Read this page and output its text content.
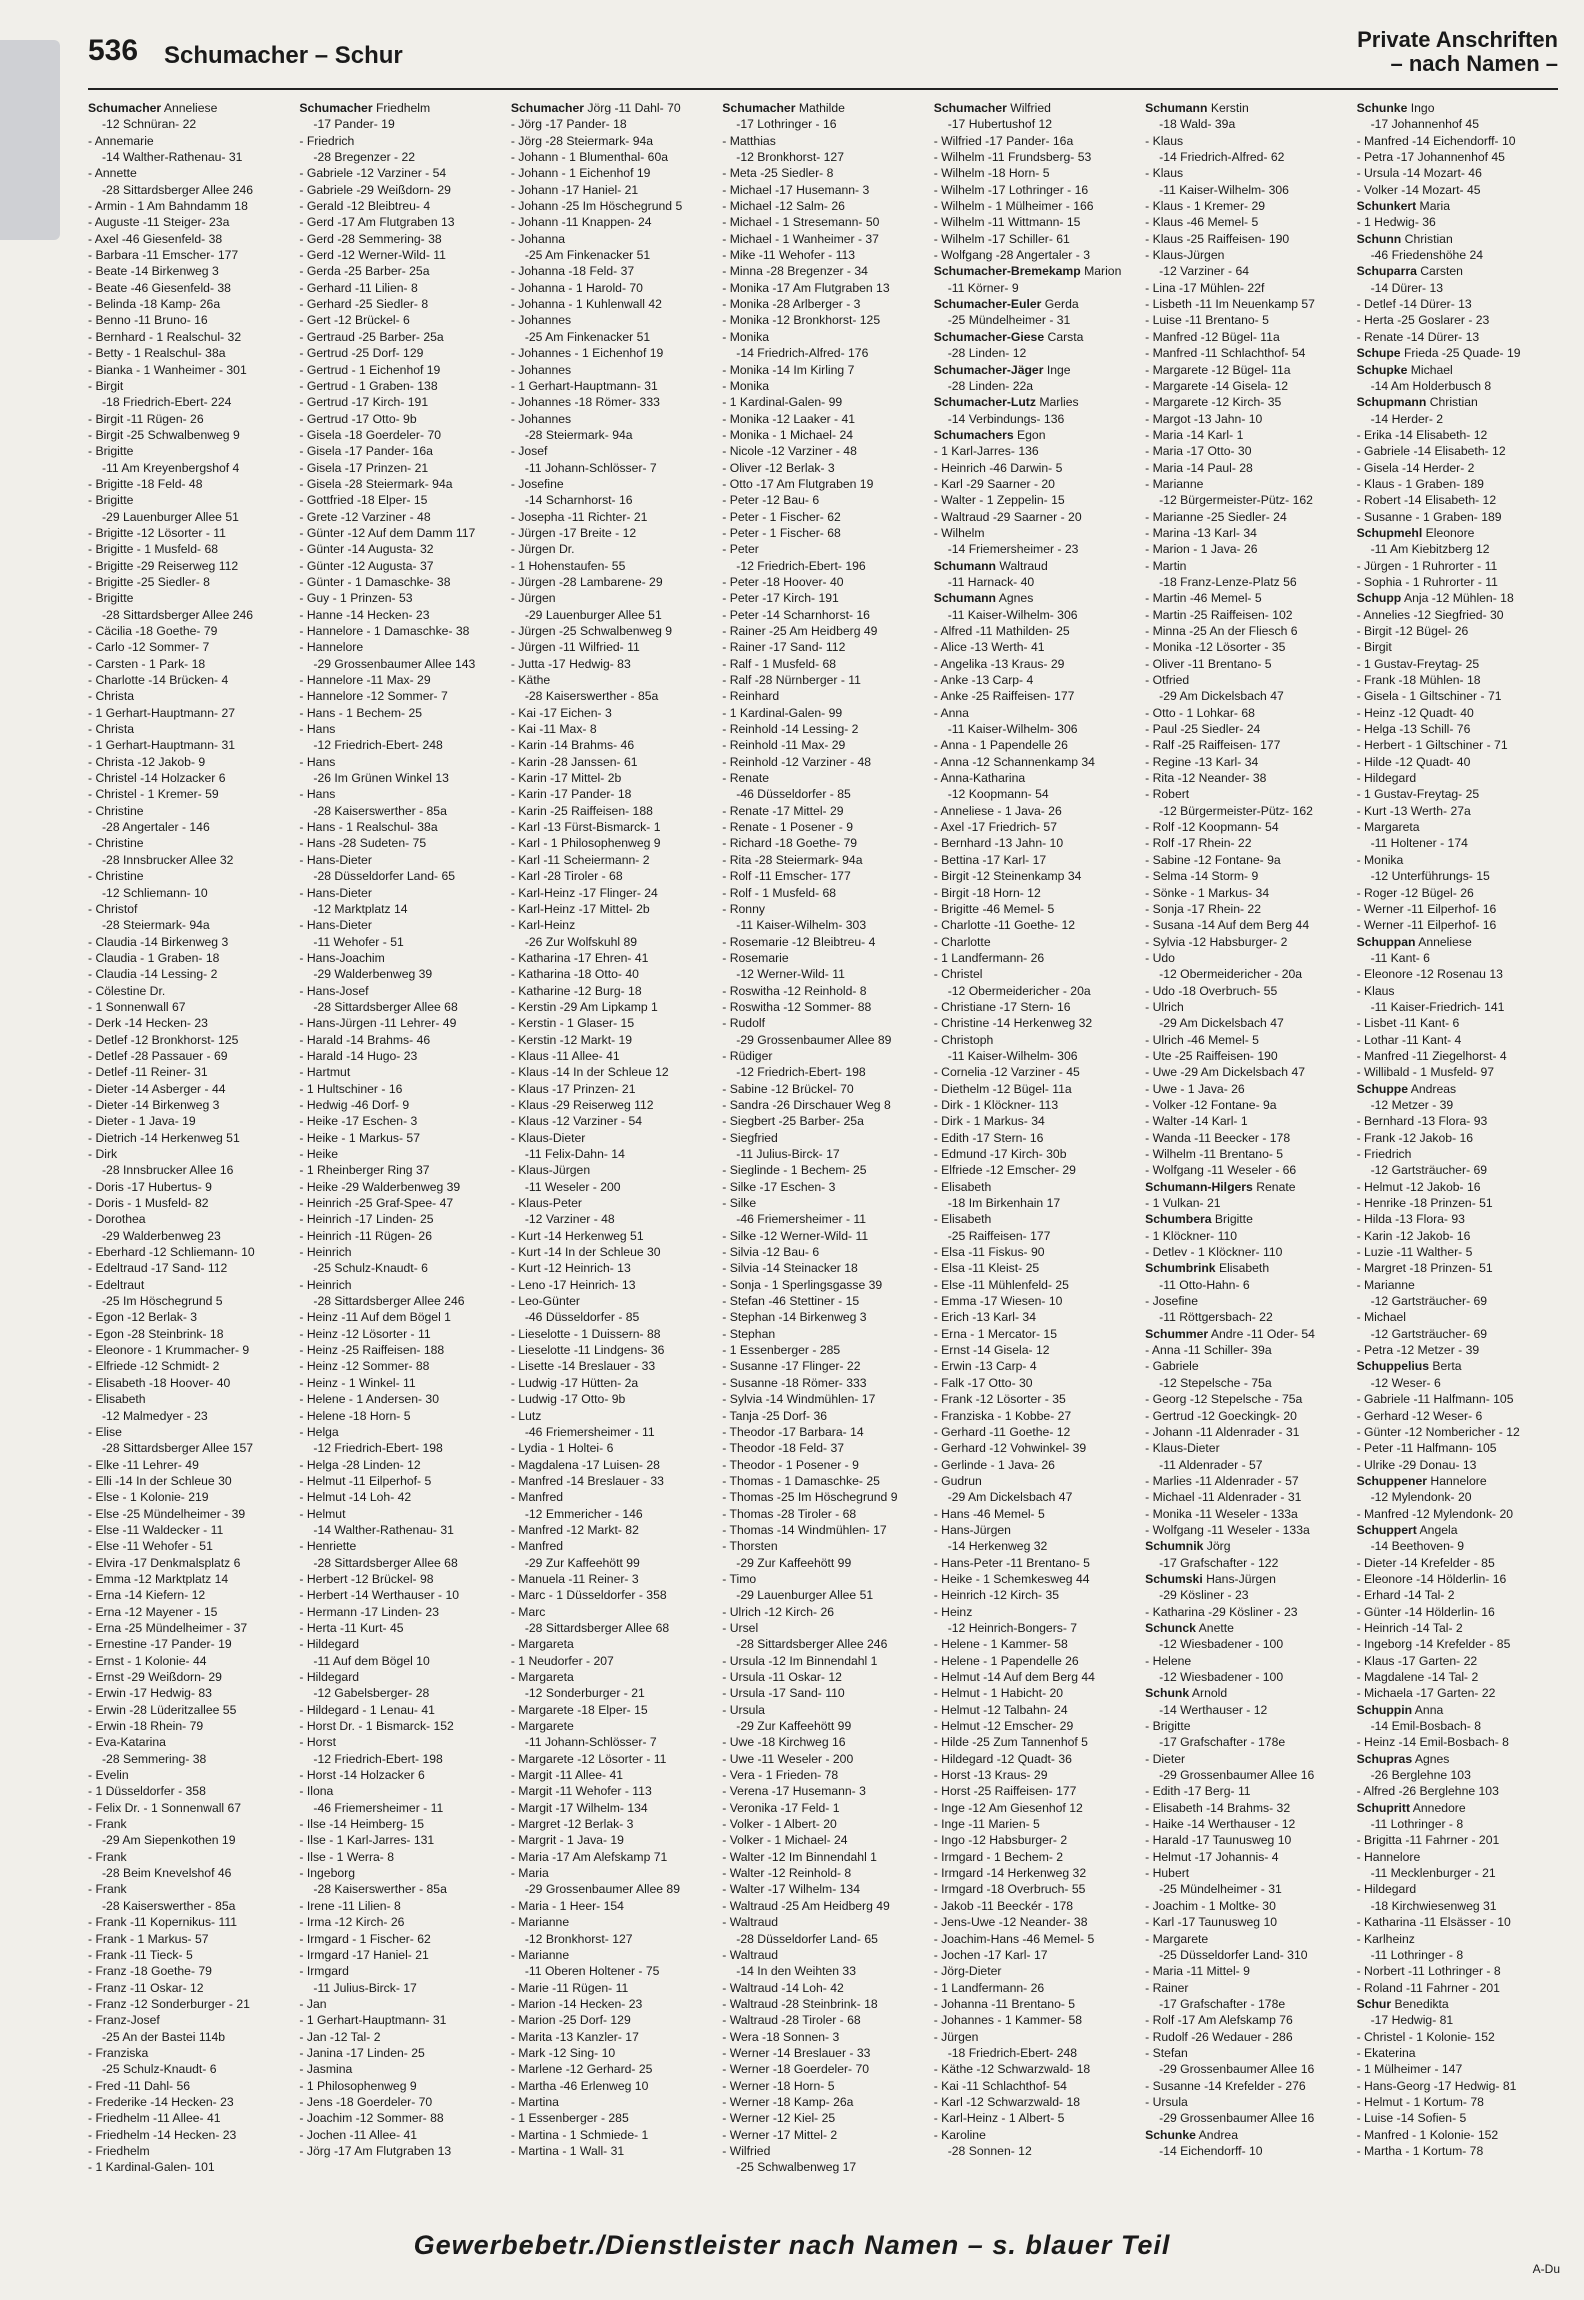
536 Schumacher – Schur
Private Anschriften
– nach Namen –
Schumacher Anneliese
-12 Schnüran- 22
- Annemarie
-14 Walther-Rathenau- 31
- Annette
-28 Sittardsberger Allee 246
- Armin - 1 Am Bahndamm 18
- Auguste -11 Steiger- 23a
- Axel -46 Giesenfeld- 38
- Barbara -11 Emscher- 177
- Beate -14 Birkenweg 3
- Beate -46 Giesenfeld- 38
- Belinda -18 Kamp- 26a
- Benno -11 Bruno- 16
- Bernhard - 1 Realschul- 32
- Betty - 1 Realschul- 38a
- Bianka - 1 Wanheimer - 301
- Birgit
-18 Friedrich-Ebert- 224
- Birgit -11 Rügen- 26
- Birgit -25 Schwalbenweg 9
- Brigitte
-11 Am Kreyenbergshof 4
- Brigitte -18 Feld- 48
- Brigitte
-29 Lauenburger Allee 51
- Brigitte -12 Lösorter - 11
- Brigitte - 1 Musfeld- 68
- Brigitte -29 Reiserweg 112
- Brigitte -25 Siedler- 8
- Brigitte
-28 Sittardsberger Allee 246
- Cäcilia -18 Goethe- 79
- Carlo -12 Sommer- 7
- Carsten - 1 Park- 18
- Charlotte -14 Brücken- 4
- Christa
- 1 Gerhart-Hauptmann- 27
- Christa
- 1 Gerhart-Hauptmann- 31
- Christa -12 Jakob- 9
- Christel -14 Holzacker 6
- Christel - 1 Kremer- 59
- Christine
-28 Angertaler - 146
- Christine
-28 Innsbrucker Allee 32
- Christine
-12 Schliemann- 10
- Christof
-28 Steiermark- 94a
- Claudia -14 Birkenweg 3
- Claudia - 1 Graben- 18
- Claudia -14 Lessing- 2
- Cölestine Dr.
- 1 Sonnenwall 67
- Derk -14 Hecken- 23
- Detlef -12 Bronkhorst- 125
- Detlef -28 Passauer - 69
- Detlef -11 Reiner- 31
- Dieter -14 Asberger - 44
- Dieter -14 Birkenweg 3
- Dieter - 1 Java- 19
- Dietrich -14 Herkenweg 51
- Dirk
-28 Innsbrucker Allee 16
- Doris -17 Hubertus- 9
- Doris - 1 Musfeld- 82
- Dorothea
-29 Walderbenweg 23
- Eberhard -12 Schliemann- 10
- Edeltraud -17 Sand- 112
- Edeltraut
-25 Im Höschegrund 5
- Egon -12 Berlak- 3
- Egon -28 Steinbrink- 18
- Eleonore - 1 Krummacher- 9
- Elfriede -12 Schmidt- 2
- Elisabeth -18 Hoover- 40
- Elisabeth
-12 Malmedyer - 23
- Elise
-28 Sittardsberger Allee 157
- Elke -11 Lehrer- 49
- Elli -14 In der Schleue 30
- Else - 1 Kolonie- 219
- Else -25 Mündelheimer - 39
- Else -11 Waldecker - 11
- Else -11 Wehofer - 51
- Elvira -17 Denkmalsplatz 6
- Emma -12 Marktplatz 14
- Erna -14 Kiefern- 12
- Erna -12 Mayener - 15
- Erna -25 Mündelheimer - 37
- Ernestine -17 Pander- 19
- Ernst - 1 Kolonie- 44
- Ernst -29 Weißdorn- 29
- Erwin -17 Hedwig- 83
- Erwin -28 Lüderitzallee 55
- Erwin -18 Rhein- 79
- Eva-Katarina
-28 Semmering- 38
- Evelin
- 1 Düsseldorfer - 358
- Felix Dr. - 1 Sonnenwall 67
- Frank
-29 Am Siepenkothen 19
- Frank
-28 Beim Knevelshof 46
- Frank
-28 Kaiserswerther - 85a
- Frank -11 Kopernikus- 111
- Frank - 1 Markus- 57
- Frank -11 Tieck- 5
- Franz -18 Goethe- 79
- Franz -11 Oskar- 12
- Franz -12 Sonderburger - 21
- Franz-Josef
-25 An der Bastei 114b
- Franziska
-25 Schulz-Knaudt- 6
- Fred -11 Dahl- 56
- Frederike -14 Hecken- 23
- Friedhelm -11 Allee- 41
- Friedhelm -14 Hecken- 23
- Friedhelm
- 1 Kardinal-Galen- 101
Schumacher Friedhelm
-17 Pander- 19
- Friedrich
-28 Bregenzer - 22
- Gabriele -12 Varziner - 54
- Gabriele -29 Weißdorn- 29
- Gerald -12 Bleibtreu- 4
- Gerd -17 Am Flutgraben 13
- Gerd -28 Semmering- 38
- Gerd -12 Werner-Wild- 11
- Gerda -25 Barber- 25a
- Gerhard -11 Lilien- 8
- Gerhard -25 Siedler- 8
- Gert -12 Brückel- 6
- Gertraud -25 Barber- 25a
- Gertrud -25 Dorf- 129
- Gertrud - 1 Eichenhof 19
- Gertrud - 1 Graben- 138
- Gertrud -17 Kirch- 191
- Gertrud -17 Otto- 9b
- Gisela -18 Goerdeler- 70
- Gisela -17 Pander- 16a
- Gisela -17 Prinzen- 21
- Gisela -28 Steiermark- 94a
- Gottfried -18 Elper- 15
- Grete -12 Varziner - 48
- Günter -12 Auf dem Damm 117
- Günter -14 Augusta- 32
- Günter -12 Augusta- 37
- Günter - 1 Damaschke- 38
- Guy - 1 Prinzen- 53
- Hanne -14 Hecken- 23
- Hannelore - 1 Damaschke- 38
- Hannelore
-29 Grossenbaumer Allee 143
- Hannelore -11 Max- 29
- Hannelore -12 Sommer- 7
- Hans - 1 Bechem- 25
- Hans
-12 Friedrich-Ebert- 248
- Hans
-26 Im Grünen Winkel 13
- Hans
-28 Kaiserswerther - 85a
- Hans - 1 Realschul- 38a
- Hans -28 Sudeten- 75
- Hans-Dieter
-28 Düsseldorfer Land- 65
- Hans-Dieter
-12 Marktplatz 14
- Hans-Dieter
-11 Wehofer - 51
- Hans-Joachim
-29 Walderbenweg 39
- Hans-Josef
-28 Sittardsberger Allee 68
- Hans-Jürgen -11 Lehrer- 49
- Harald -14 Brahms- 46
- Harald -14 Hugo- 23
- Hartmut
- 1 Hultschiner - 16
- Hedwig -46 Dorf- 9
- Heike -17 Eschen- 3
- Heike - 1 Markus- 57
- Heike
- 1 Rheinberger Ring 37
- Heike -29 Walderbenweg 39
- Heinrich -25 Graf-Spee- 47
- Heinrich -17 Linden- 25
- Heinrich -11 Rügen- 26
- Heinrich
-25 Schulz-Knaudt- 6
- Heinrich
-28 Sittardsberger Allee 246
- Heinz -11 Auf dem Bögel 1
- Heinz -12 Lösorter - 11
- Heinz -25 Raiffeisen- 188
- Heinz -12 Sommer- 88
- Heinz - 1 Winkel- 11
- Helene - 1 Andersen- 30
- Helene -18 Horn- 5
- Helga
-12 Friedrich-Ebert- 198
- Helga -28 Linden- 12
- Helmut -11 Eilperhof- 5
- Helmut -14 Loh- 42
- Helmut
-14 Walther-Rathenau- 31
- Henriette
-28 Sittardsberger Allee 68
- Herbert -12 Brückel- 98
- Herbert -14 Werthauser - 10
- Hermann -17 Linden- 23
- Herta -11 Kurt- 45
- Hildegard
-11 Auf dem Bögel 10
- Hildegard
-12 Gabelsberger- 28
- Hildegard - 1 Lenau- 41
- Horst Dr. - 1 Bismarck- 152
- Horst
-12 Friedrich-Ebert- 198
- Horst -14 Holzacker 6
- Ilona
-46 Friemersheimer - 11
- Ilse -14 Heimberg- 15
- Ilse - 1 Karl-Jarres- 131
- Ilse - 1 Werra- 8
- Ingeborg
-28 Kaiserswerther - 85a
- Irene -11 Lilien- 8
- Irma -12 Kirch- 26
- Irmgard - 1 Fischer- 62
- Irmgard -17 Haniel- 21
- Irmgard
-11 Julius-Birck- 17
- Jan
- 1 Gerhart-Hauptmann- 31
- Jan -12 Tal- 2
- Janina -17 Linden- 25
- Jasmina
- 1 Philosophenweg 9
- Jens -18 Goerdeler- 70
- Joachim -12 Sommer- 88
- Jochen -11 Allee- 41
- Jörg -17 Am Flutgraben 13
Schumacher Jörg -11 Dahl- 70
- Jörg -17 Pander- 18
- Jörg -28 Steiermark- 94a
- Johann - 1 Blumenthal- 60a
- Johann - 1 Eichenhof 19
- Johann -17 Haniel- 21
- Johann -25 Im Höschegrund 5
- Johann -11 Knappen- 24
- Johanna
-25 Am Finkenacker 51
- Johanna -18 Feld- 37
- Johanna - 1 Harold- 70
- Johanna - 1 Kuhlenwall 42
- Johannes
-25 Am Finkenacker 51
- Johannes - 1 Eichenhof 19
- Johannes
- 1 Gerhart-Hauptmann- 31
- Johannes -18 Römer- 333
- Johannes
-28 Steiermark- 94a
- Josef
-11 Johann-Schlösser- 7
- Josefine
-14 Scharnhorst- 16
- Josepha -11 Richter- 21
- Jürgen -17 Breite - 12
- Jürgen Dr.
- 1 Hohenstaufen- 55
- Jürgen -28 Lambarene- 29
- Jürgen
-29 Lauenburger Allee 51
- Jürgen -25 Schwalbenweg 9
- Jürgen -11 Wilfried- 11
- Jutta -17 Hedwig- 83
- Käthe
-28 Kaiserswerther - 85a
- Kai -17 Eichen- 3
- Kai -11 Max- 8
- Karin -14 Brahms- 46
- Karin -28 Janssen- 61
- Karin -17 Mittel- 2b
- Karin -17 Pander- 18
- Karin -25 Raiffeisen- 188
- Karl -13 Fürst-Bismarck- 1
- Karl - 1 Philosophenweg 9
- Karl -11 Scheiermann- 2
- Karl -28 Tiroler - 68
- Karl-Heinz -17 Flinger- 24
- Karl-Heinz -17 Mittel- 2b
- Karl-Heinz
-26 Zur Wolfskuhl 89
- Katharina -17 Ehren- 41
- Katharina -18 Otto- 40
- Katharine -12 Burg- 18
- Kerstin -29 Am Lipkamp 1
- Kerstin - 1 Glaser- 15
- Kerstin -12 Markt- 19
- Klaus -11 Allee- 41
- Klaus -14 In der Schleue 12
- Klaus -17 Prinzen- 21
- Klaus -29 Reiserweg 112
- Klaus -12 Varziner - 54
- Klaus-Dieter
-11 Felix-Dahn- 14
- Klaus-Jürgen
-11 Weseler - 200
- Klaus-Peter
-12 Varziner - 48
- Kurt -14 Herkenweg 51
- Kurt -14 In der Schleue 30
- Kurt -12 Heinrich- 13
- Leno -17 Heinrich- 13
- Leo-Günter
-46 Düsseldorfer - 85
- Lieselotte - 1 Duissern- 88
- Lieselotte -11 Lindgens- 36
- Lisette -14 Breslauer - 33
- Ludwig -17 Hütten- 2a
- Ludwig -17 Otto- 9b
- Lutz
-46 Friemersheimer - 11
- Lydia - 1 Holtei- 6
- Magdalena -17 Luisen- 28
- Manfred -14 Breslauer - 33
- Manfred
-12 Emmericher - 146
- Manfred -12 Markt- 82
- Manfred
-29 Zur Kaffeehött 99
- Manuela -11 Reiner- 3
- Marc - 1 Düsseldorfer - 358
- Marc
-28 Sittardsberger Allee 68
- Margareta
- 1 Neudorfer - 207
- Margareta
-12 Sonderburger - 21
- Margarete -18 Elper- 15
- Margarete
-11 Johann-Schlösser- 7
- Margarete -12 Lösorter - 11
- Margit -11 Allee- 41
- Margit -11 Wehofer - 113
- Margit -17 Wilhelm- 134
- Margret -12 Berlak- 3
- Margrit - 1 Java- 19
- Maria -17 Am Alefskamp 71
- Maria
-29 Grossenbaumer Allee 89
- Maria - 1 Heer- 154
- Marianne
-12 Bronkhorst- 127
- Marianne
-11 Oberen Holtener - 75
- Marie -11 Rügen- 11
- Marion -14 Hecken- 23
- Marion -25 Dorf- 129
- Marita -13 Kanzler- 17
- Mark -12 Sing- 10
- Marlene -12 Gerhard- 25
- Martha -46 Erlenweg 10
- Martina
- 1 Essenberger - 285
- Martina - 1 Schmiede- 1
- Martina - 1 Wall- 31
Schumacher Mathilde
-17 Lothringer - 16
- Matthias
-12 Bronkhorst- 127
- Meta -25 Siedler- 8
- Michael -17 Husemann- 3
- Michael -12 Salm- 26
- Michael - 1 Stresemann- 50
- Michael - 1 Wanheimer - 37
- Mike -11 Wehofer - 113
- Minna -28 Bregenzer - 34
- Monika -17 Am Flutgraben 13
- Monika -28 Arlberger - 3
- Monika -12 Bronkhorst- 125
- Monika
-14 Friedrich-Alfred- 176
- Monika -14 Im Kirling 7
- Monika
- 1 Kardinal-Galen- 99
- Monika -12 Laaker - 41
- Monika - 1 Michael- 24
- Nicole -12 Varziner - 48
- Oliver -12 Berlak- 3
- Otto -17 Am Flutgraben 19
- Peter -12 Bau- 6
- Peter - 1 Fischer- 62
- Peter - 1 Fischer- 68
- Peter
-12 Friedrich-Ebert- 196
- Peter -18 Hoover- 40
- Peter -17 Kirch- 191
- Peter -14 Scharnhorst- 16
- Rainer -25 Am Heidberg 49
- Rainer -17 Sand- 112
- Ralf - 1 Musfeld- 68
- Ralf -28 Nürnberger - 11
- Reinhard
- 1 Kardinal-Galen- 99
- Reinhold -14 Lessing- 2
- Reinhold -11 Max- 29
- Reinhold -12 Varziner - 48
- Renate
-46 Düsseldorfer - 85
- Renate -17 Mittel- 29
- Renate - 1 Posener - 9
- Richard -18 Goethe- 79
- Rita -28 Steiermark- 94a
- Rolf -11 Emscher- 177
- Rolf - 1 Musfeld- 68
- Ronny
-11 Kaiser-Wilhelm- 303
- Rosemarie -12 Bleibtreu- 4
- Rosemarie
-12 Werner-Wild- 11
- Roswitha -12 Reinhold- 8
- Roswitha -12 Sommer- 88
- Rudolf
-29 Grossenbaumer Allee 89
- Rüdiger
-12 Friedrich-Ebert- 198
- Sabine -12 Brückel- 70
- Sandra -26 Dirschauer Weg 8
- Siegbert -25 Barber- 25a
- Siegfried
-11 Julius-Birck- 17
- Sieglinde - 1 Bechem- 25
- Silke -17 Eschen- 3
- Silke
-46 Friemersheimer - 11
- Silke -12 Werner-Wild- 11
- Silvia -12 Bau- 6
- Silvia -14 Steinacker 18
- Sonja - 1 Sperlingsgasse 39
- Stefan -46 Stettiner - 15
- Stephan -14 Birkenweg 3
- Stephan
- 1 Essenberger - 285
- Susanne -17 Flinger- 22
- Susanne -18 Römer- 333
- Sylvia -14 Windmühlen- 17
- Tanja -25 Dorf- 36
- Theodor -17 Barbara- 14
- Theodor -18 Feld- 37
- Theodor - 1 Posener - 9
- Thomas - 1 Damaschke- 25
- Thomas -25 Im Höschegrund 9
- Thomas -28 Tiroler - 68
- Thomas -14 Windmühlen- 17
- Thorsten
-29 Zur Kaffeehött 99
- Timo
-29 Lauenburger Allee 51
- Ulrich -12 Kirch- 26
- Ursel
-28 Sittardsberger Allee 246
- Ursula -12 Im Binnendahl 1
- Ursula -11 Oskar- 12
- Ursula -17 Sand- 110
- Ursula
-29 Zur Kaffeehött 99
- Uwe -18 Kirchweg 16
- Uwe -11 Weseler - 200
- Vera - 1 Frieden- 78
- Verena -17 Husemann- 3
- Veronika -17 Feld- 1
- Volker - 1 Albert- 20
- Volker - 1 Michael- 24
- Walter -12 Im Binnendahl 1
- Walter -12 Reinhold- 8
- Walter -17 Wilhelm- 134
- Waltraud -25 Am Heidberg 49
- Waltraud
-28 Düsseldorfer Land- 65
- Waltraud
-14 In den Weihten 33
- Waltraud -14 Loh- 42
- Waltraud -28 Steinbrink- 18
- Waltraud -28 Tiroler - 68
- Wera -18 Sonnen- 3
- Werner -14 Breslauer - 33
- Werner -18 Goerdeler- 70
- Werner -18 Horn- 5
- Werner -18 Kamp- 26a
- Werner -12 Kiel- 25
- Werner -17 Mittel- 2
- Wilfried
-25 Schwalbenweg 17
Schumacher Wilfried
-17 Hubertushof 12
- Wilfried -17 Pander- 16a
- Wilhelm -11 Frundsberg- 53
- Wilhelm -18 Horn- 5
- Wilhelm -17 Lothringer - 16
- Wilhelm - 1 Mülheimer - 166
- Wilhelm -11 Wittmann- 15
- Wilhelm -17 Schiller- 61
- Wolfgang -28 Angertaler - 3
Schumacher-Bremekamp Marion
-11 Körner- 9
Schumacher-Euler Gerda
-25 Mündelheimer - 31
Schumacher-Giese Carsta
-28 Linden- 12
Schumacher-Jäger Inge
-28 Linden- 22a
Schumacher-Lutz Marlies
-14 Verbindungs- 136
Schumachers Egon
- 1 Karl-Jarres- 136
- Heinrich -46 Darwin- 5
- Karl -29 Saarner - 20
- Walter - 1 Zeppelin- 15
- Waltraud -29 Saarner - 20
- Wilhelm
-14 Friemersheimer - 23
Schumann Waltraud
-11 Harnack- 40
Schumann Agnes
-11 Kaiser-Wilhelm- 306
- Alfred -11 Mathilden- 25
- Alice -13 Werth- 41
- Angelika -13 Kraus- 29
- Anke -13 Carp- 4
- Anke -25 Raiffeisen- 177
- Anna
-11 Kaiser-Wilhelm- 306
- Anna - 1 Papendelle 26
- Anna -12 Schannenkamp 34
- Anna-Katharina
-12 Koopmann- 54
- Anneliese - 1 Java- 26
- Axel -17 Friedrich- 57
- Bernhard -13 Jahn- 10
- Bettina -17 Karl- 17
- Birgit -12 Steinenkamp 34
- Birgit -18 Horn- 12
- Brigitte -46 Memel- 5
- Charlotte -11 Goethe- 12
- Charlotte
- 1 Landfermann- 26
- Christel
-12 Obermeidericher - 20a
- Christiane -17 Stern- 16
- Christine -14 Herkenweg 32
- Christoph
-11 Kaiser-Wilhelm- 306
- Cornelia -12 Varziner - 45
- Diethelm -12 Bügel- 11a
- Dirk - 1 Klöckner- 113
- Dirk - 1 Markus- 34
- Edith -17 Stern- 16
- Edmund -17 Kirch- 30b
- Elfriede -12 Emscher- 29
- Elisabeth
-18 Im Birkenhain 17
- Elisabeth
-25 Raiffeisen- 177
- Elsa -11 Fiskus- 90
- Elsa -11 Kleist- 25
- Else -11 Mühlenfeld- 25
- Emma -17 Wiesen- 10
- Erich -13 Karl- 34
- Erna - 1 Mercator- 15
- Ernst -14 Gisela- 12
- Erwin -13 Carp- 4
- Falk -17 Otto- 30
- Frank -12 Lösorter - 35
- Franziska - 1 Kobbe- 27
- Gerhard -11 Goethe- 12
- Gerhard -12 Vohwinkel- 39
- Gerlinde - 1 Java- 26
- Gudrun
-29 Am Dickelsbach 47
- Hans -46 Memel- 5
- Hans-Jürgen
-14 Herkenweg 32
- Hans-Peter -11 Brentano- 5
- Heike - 1 Schemkesweg 44
- Heinrich -12 Kirch- 35
- Heinz
-12 Heinrich-Bongers- 7
- Helene - 1 Kammer- 58
- Helene - 1 Papendelle 26
- Helmut -14 Auf dem Berg 44
- Helmut - 1 Habicht- 20
- Helmut -12 Talbahn- 24
- Helmut -12 Emscher- 29
- Hilde -25 Zum Tannenhof 5
- Hildegard -12 Quadt- 36
- Horst -13 Kraus- 29
- Horst -25 Raiffeisen- 177
- Inge -12 Am Giesenhof 12
- Inge -11 Marien- 5
- Ingo -12 Habsburger- 2
- Irmgard - 1 Bechem- 2
- Irmgard -14 Herkenweg 32
- Irmgard -18 Overbruch- 55
- Jakob -11 Beeckér - 178
- Jens-Uwe -12 Neander- 38
- Joachim-Hans -46 Memel- 5
- Jochen -17 Karl- 17
- Jörg-Dieter
- 1 Landfermann- 26
- Johanna -11 Brentano- 5
- Johannes - 1 Kammer- 58
- Jürgen
-18 Friedrich-Ebert- 248
- Käthe -12 Schwarzwald- 18
- Kai -11 Schlachthof- 54
- Karl -12 Schwarzwald- 18
- Karl-Heinz - 1 Albert- 5
- Karoline
-28 Sonnen- 12
Schumann Kerstin
-18 Wald- 39a
- Klaus
-14 Friedrich-Alfred- 62
- Klaus
-11 Kaiser-Wilhelm- 306
- Klaus - 1 Kremer- 29
- Klaus -46 Memel- 5
- Klaus -25 Raiffeisen- 190
- Klaus-Jürgen
-12 Varziner - 64
- Lina -17 Mühlen- 22f
- Lisbeth -11 Im Neuenkamp 57
- Luise -11 Brentano- 5
- Manfred -12 Bügel- 11a
- Manfred -11 Schlachthof- 54
- Margarete -12 Bügel- 11a
- Margarete -14 Gisela- 12
- Margarete -12 Kirch- 35
- Margot -13 Jahn- 10
- Maria -14 Karl- 1
- Maria -17 Otto- 30
- Maria -14 Paul- 28
- Marianne
-12 Bürgermeister-Pütz- 162
- Marianne -25 Siedler- 24
- Marina -13 Karl- 34
- Marion - 1 Java- 26
- Martin
-18 Franz-Lenze-Platz 56
- Martin -46 Memel- 5
- Martin -25 Raiffeisen- 102
- Minna -25 An der Fliesch 6
- Monika -12 Lösorter - 35
- Oliver -11 Brentano- 5
- Otfried
-29 Am Dickelsbach 47
- Otto - 1 Lohkar- 68
- Paul -25 Siedler- 24
- Ralf -25 Raiffeisen- 177
- Regine -13 Karl- 34
- Rita -12 Neander- 38
- Robert
-12 Bürgermeister-Pütz- 162
- Rolf -12 Koopmann- 54
- Rolf -17 Rhein- 22
- Sabine -12 Fontane- 9a
- Selma -14 Storm- 9
- Sönke - 1 Markus- 34
- Sonja -17 Rhein- 22
- Susana -14 Auf dem Berg 44
- Sylvia -12 Habsburger- 2
- Udo
-12 Obermeidericher - 20a
- Udo -18 Overbruch- 55
- Ulrich
-29 Am Dickelsbach 47
- Ulrich -46 Memel- 5
- Ute -25 Raiffeisen- 190
- Uwe -29 Am Dickelsbach 47
- Uwe - 1 Java- 26
- Volker -12 Fontane- 9a
- Walter -14 Karl- 1
- Wanda -11 Beecker - 178
- Wilhelm -11 Brentano- 5
- Wolfgang -11 Weseler - 66
Schumann-Hilgers Renate
- 1 Vulkan- 21
Schumbera Brigitte
- 1 Klöckner- 110
- Detlev - 1 Klöckner- 110
Schumbrink Elisabeth
-11 Otto-Hahn- 6
- Josefine
-11 Röttgersbach- 22
Schummer Andre -11 Oder- 54
- Anna -11 Schiller- 39a
- Gabriele
-12 Stepelsche - 75a
- Georg -12 Stepelsche - 75a
- Gertrud -12 Goeckingk- 20
- Johann -11 Aldenrader - 31
- Klaus-Dieter
-11 Aldenrader - 57
- Marlies -11 Aldenrader - 57
- Michael -11 Aldenrader - 31
- Monika -11 Weseler - 133a
- Wolfgang -11 Weseler - 133a
Schumnik Jörg
-17 Grafschafter - 122
Schumski Hans-Jürgen
-29 Kösliner - 23
- Katharina -29 Kösliner - 23
Schunck Anette
-12 Wiesbadener - 100
- Helene
-12 Wiesbadener - 100
Schunk Arnold
-14 Werthauser - 12
- Brigitte
-17 Grafschafter - 178e
- Dieter
-29 Grossenbaumer Allee 16
- Edith -17 Berg- 11
- Elisabeth -14 Brahms- 32
- Haike -14 Werthauser - 12
- Harald -17 Taunusweg 10
- Helmut -17 Johannis- 4
- Hubert
-25 Mündelheimer - 31
- Joachim - 1 Moltke- 30
- Karl -17 Taunusweg 10
- Margarete
-25 Düsseldorfer Land- 310
- Maria -11 Mittel- 9
- Rainer
-17 Grafschafter - 178e
- Rolf -17 Am Alefskamp 76
- Rudolf -26 Wedauer - 286
- Stefan
-29 Grossenbaumer Allee 16
- Susanne -14 Krefelder - 276
- Ursula
-29 Grossenbaumer Allee 16
Schunke Andrea
-14 Eichendorff- 10
Schunke Ingo
-17 Johannenhof 45
- Manfred -14 Eichendorff- 10
- Petra -17 Johannenhof 45
- Ursula -14 Mozart- 46
- Volker -14 Mozart- 45
Schunkert Maria
- 1 Hedwig- 36
Schunn Christian
-46 Friedenshöhe 24
Schuparra Carsten
-14 Dürer- 13
- Detlef -14 Dürer- 13
- Herta -25 Goslarer - 23
- Renate -14 Dürer- 13
Schupe Frieda -25 Quade- 19
Schupke Michael
-14 Am Holderbusch 8
Schupmann Christian
-14 Herder- 2
- Erika -14 Elisabeth- 12
- Gabriele -14 Elisabeth- 12
- Gisela -14 Herder- 2
- Klaus - 1 Graben- 189
- Robert -14 Elisabeth- 12
- Susanne - 1 Graben- 189
Schupmehl Eleonore
-11 Am Kiebitzberg 12
- Jürgen - 1 Ruhrorter - 11
- Sophia - 1 Ruhrorter - 11
Schupp Anja -12 Mühlen- 18
- Annelies -12 Siegfried- 30
- Birgit -12 Bügel- 26
- Birgit
- 1 Gustav-Freytag- 25
- Frank -18 Mühlen- 18
- Gisela - 1 Giltschiner - 71
- Heinz -12 Quadt- 40
- Helga -13 Schill- 76
- Herbert - 1 Giltschiner - 71
- Hilde -12 Quadt- 40
- Hildegard
- 1 Gustav-Freytag- 25
- Kurt -13 Werth- 27a
- Margareta
-11 Holtener - 174
- Monika
-12 Unterführungs- 15
- Roger -12 Bügel- 26
- Werner -11 Eilperhof- 16
- Werner -11 Eilperhof- 16
Schuppan Anneliese
-11 Kant- 6
- Eleonore -12 Rosenau 13
- Klaus
-11 Kaiser-Friedrich- 141
- Lisbet -11 Kant- 6
- Lothar -11 Kant- 4
- Manfred -11 Ziegelhorst- 4
- Willibald - 1 Musfeld- 97
Schuppe Andreas
-12 Metzer - 39
- Bernhard -13 Flora- 93
- Frank -12 Jakob- 16
- Friedrich
-12 Gartsträucher- 69
- Helmut -12 Jakob- 16
- Henrike -18 Prinzen- 51
- Hilda -13 Flora- 93
- Karin -12 Jakob- 16
- Luzie -11 Walther- 5
- Margret -18 Prinzen- 51
- Marianne
-12 Gartsträucher- 69
- Michael
-12 Gartsträucher- 69
- Petra -12 Metzer - 39
Schuppelius Berta
-12 Weser- 6
- Gabriele -11 Halfmann- 105
- Gerhard -12 Weser- 6
- Günter -12 Nombericher - 12
- Peter -11 Halfmann- 105
- Ulrike -29 Donau- 13
Schuppener Hannelore
-12 Mylendonk- 20
- Manfred -12 Mylendonk- 20
Schuppert Angela
-14 Beethoven- 9
- Dieter -14 Krefelder - 85
- Eleonore -14 Hölderlin- 16
- Erhard -14 Tal- 2
- Günter -14 Hölderlin- 16
- Heinrich -14 Tal- 2
- Ingeborg -14 Krefelder - 85
- Klaus -17 Garten- 22
- Magdalene -14 Tal- 2
- Michaela -17 Garten- 22
Schuppin Anna
-14 Emil-Bosbach- 8
- Heinz -14 Emil-Bosbach- 8
Schupras Agnes
-26 Berglehne 103
- Alfred -26 Berglehne 103
Schupritt Annedore
-11 Lothringer - 8
- Brigitta -11 Fahrner - 201
- Hannelore
-11 Mecklenburger - 21
- Hildegard
-18 Kirchwiesenweg 31
- Katharina -11 Elsässer - 10
- Karlheinz
-11 Lothringer - 8
- Norbert -11 Lothringer - 8
- Roland -11 Fahrner - 201
Schur Benedikta
-17 Hedwig- 81
- Christel - 1 Kolonie- 152
- Ekaterina
- 1 Mülheimer - 147
- Hans-Georg -17 Hedwig- 81
- Helmut - 1 Kortum- 78
- Luise -14 Sofien- 5
- Manfred - 1 Kolonie- 152
- Martha - 1 Kortum- 78
Gewerbebetr./Dienstleister nach Namen – s. blauer Teil
A-Du
